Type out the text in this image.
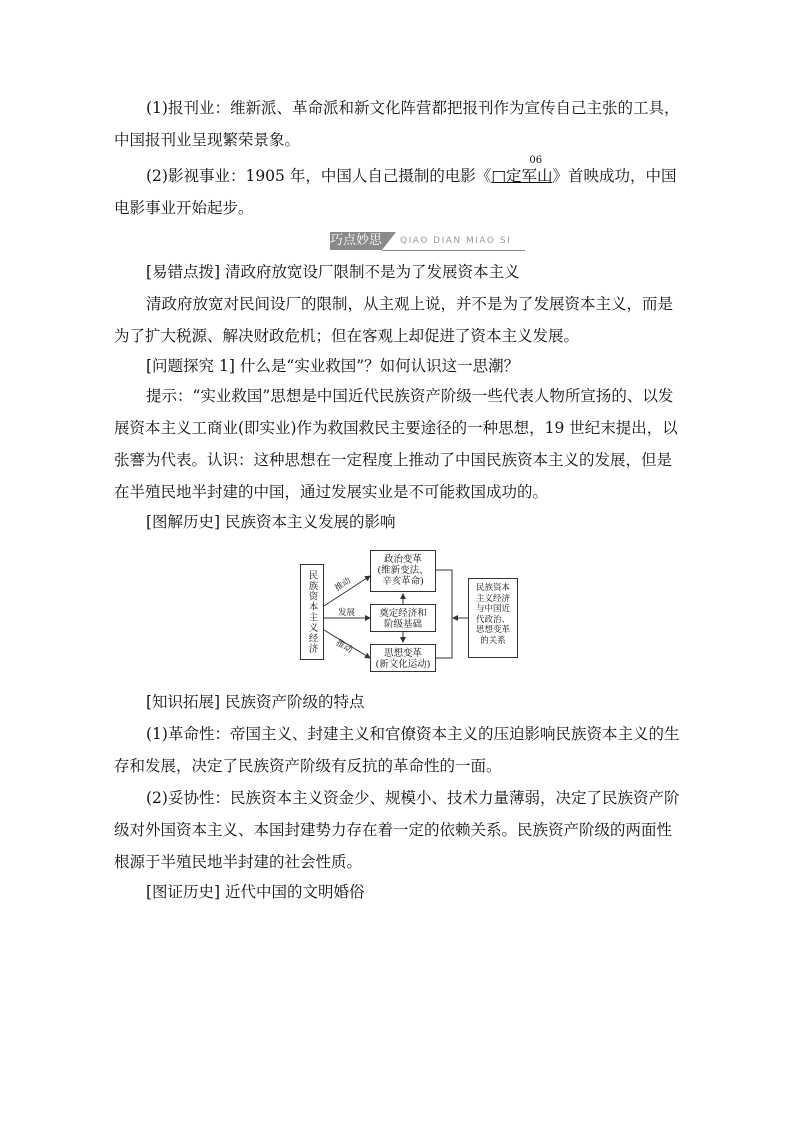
(1)报刊业：维新派、革命派和新文化阵营都把报刊作为宣传自己主张的工具，中国报刊业呈现繁荣景象。
(2)影视事业：1905 年，中国人自己摄制的电影《
06
□定军山》首映成功，中国电影事业开始起步。
巧点妙思 QIAO DIAN MIAO SI
[易错点拨] 清政府放宽设厂限制不是为了发展资本主义
清政府放宽对民间设厂的限制，从主观上说，并不是为了发展资本主义，而是为了扩大税源、解决财政危机；但在客观上却促进了资本主义发展。
[问题探究 1] 什么是“实业救国”？如何认识这一思潮？
提示：“实业救国”思想是中国近代民族资产阶级一些代表人物所宣扬的、以发展资本主义工商业(即实业)作为救国救民主要途径的一种思想，19 世纪末提出，以张謇为代表。认识：这种思想在一定程度上推动了中国民族资本主义的发展，但是在半殖民地半封建的中国，通过发展实业是不可能救国成功的。
[图解历史] 民族资本主义发展的影响
民族资本主义经济
政治变革
(维新变法、
辛亥革命)
奠定经济和
阶级基础
思想变革
(新文化运动)
民族资本主义经济与中国近代政治、思想变革的关系
推动
发展
推动
[知识拓展] 民族资产阶级的特点
(1)革命性：帝国主义、封建主义和官僚资本主义的压迫影响民族资本主义的生存和发展，决定了民族资产阶级有反抗的革命性的一面。
(2)妥协性：民族资本主义资金少、规模小、技术力量薄弱，决定了民族资产阶级对外国资本主义、本国封建势力存在着一定的依赖关系。民族资产阶级的两面性根源于半殖民地半封建的社会性质。
[图证历史] 近代中国的文明婚俗
